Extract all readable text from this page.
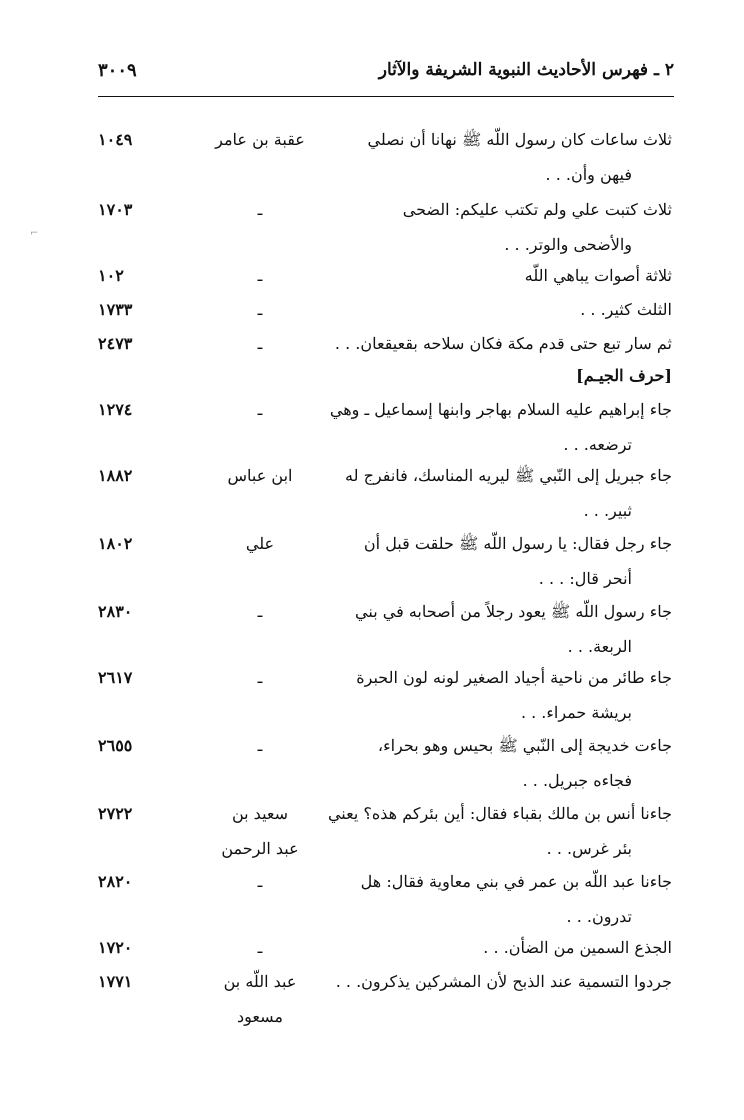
٢ ـ فهرس الأحاديث النبوية الشريفة والآثار
٣٠٠٩
[حرف الجيـم]
ثلاث ساعات كان رسول اللّه ﷺ نهانا أن نصلي
فيهن وأن. . .
عقبة بن عامر
١٠٤٩
ثلاث كتبت علي ولم تكتب عليكم: الضحى
والأضحى والوتر. . .
ـ
١٧٠٣
ثلاثة أصوات يباهي اللّه
ـ
١٠٢
الثلث كثير. . .
ـ
١٧٣٣
ثم سار تبع حتى قدم مكة فكان سلاحه بقعيقعان. . .
ـ
٢٤٧٣
جاء إبراهيم عليه السلام بهاجر وابنها إسماعيل ـ وهي
ترضعه. . .
ـ
١٢٧٤
جاء جبريل إلى النّبي ﷺ ليريه المناسك، فانفرج له
ثبير. . .
ابن عباس
١٨٨٢
جاء رجل فقال: يا رسول اللّه ﷺ حلقت قبل أن
أنحر قال: . . .
علي
١٨٠٢
جاء رسول اللّه ﷺ يعود رجلاً من أصحابه في بني
الربعة. . .
ـ
٢٨٣٠
جاء طائر من ناحية أجياد الصغير لونه لون الحبرة
بريشة حمراء. . .
ـ
٢٦١٧
جاءت خديجة إلى النّبي ﷺ بحيس وهو بحراء،
فجاءه جبريل. . .
ـ
٢٦٥٥
جاءنا أنس بن مالك بقباء فقال: أين بئركم هذه؟ يعني
بئر غرس. . .
سعيد بن
عبد الرحمن
٢٧٢٢
جاءنا عبد اللّه بن عمر في بني معاوية فقال: هل
تدرون. . .
ـ
٢٨٢٠
الجذع السمين من الضأن. . .
ـ
١٧٢٠
جردوا التسمية عند الذبح لأن المشركين يذكرون. . .
عبد اللّه بن
مسعود
١٧٧١
⌐
